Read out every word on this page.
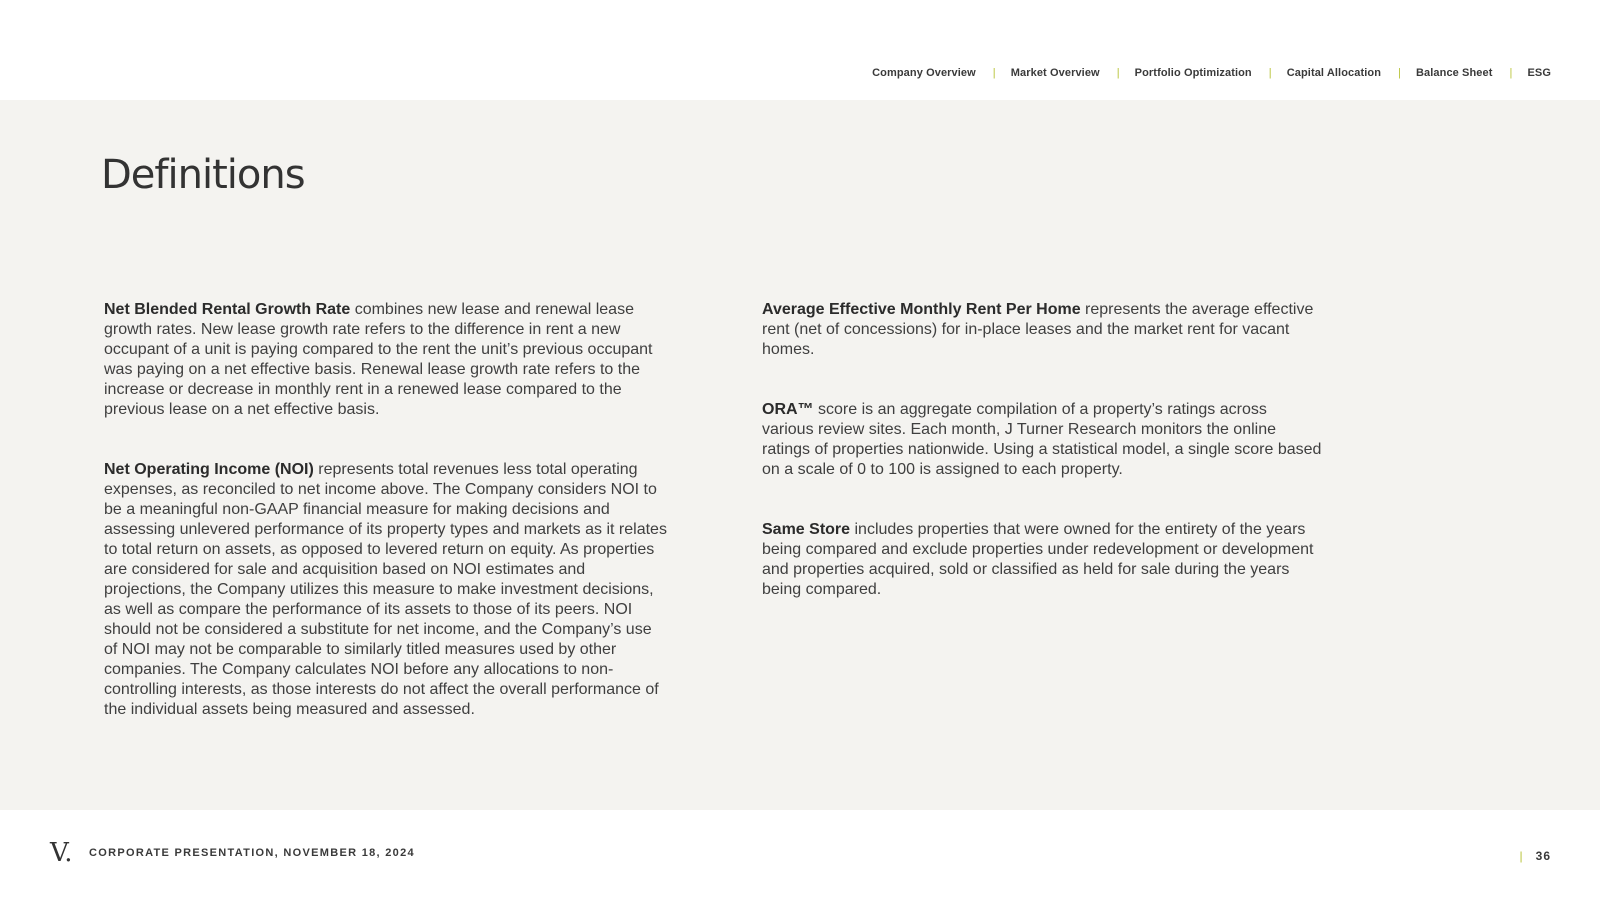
Company Overview | Market Overview | Portfolio Optimization | Capital Allocation | Balance Sheet | ESG
Definitions

Net Blended Rental Growth Rate combines new lease and renewal lease growth rates. New lease growth rate refers to the difference in rent a new occupant of a unit is paying compared to the rent the unit’s previous occupant was paying on a net effective basis. Renewal lease growth rate refers to the increase or decrease in monthly rent in a renewed lease compared to the previous lease on a net effective basis.

Net Operating Income (NOI) represents total revenues less total operating expenses, as reconciled to net income above. The Company considers NOI to be a meaningful non-GAAP financial measure for making decisions and assessing unlevered performance of its property types and markets as it relates to total return on assets, as opposed to levered return on equity. As properties are considered for sale and acquisition based on NOI estimates and projections, the Company utilizes this measure to make investment decisions, as well as compare the performance of its assets to those of its peers. NOI should not be considered a substitute for net income, and the Company’s use of NOI may not be comparable to similarly titled measures used by other companies. The Company calculates NOI before any allocations to non-controlling interests, as those interests do not affect the overall performance of the individual assets being measured and assessed.

Average Effective Monthly Rent Per Home represents the average effective rent (net of concessions) for in-place leases and the market rent for vacant homes.

ORA™ score is an aggregate compilation of a property’s ratings across various review sites. Each month, J Turner Research monitors the online ratings of properties nationwide. Using a statistical model, a single score based on a scale of 0 to 100 is assigned to each property.

Same Store includes properties that were owned for the entirety of the years being compared and exclude properties under redevelopment or development and properties acquired, sold or classified as held for sale during the years being compared.

V. CORPORATE PRESENTATION, NOVEMBER 18, 2024	| 36
